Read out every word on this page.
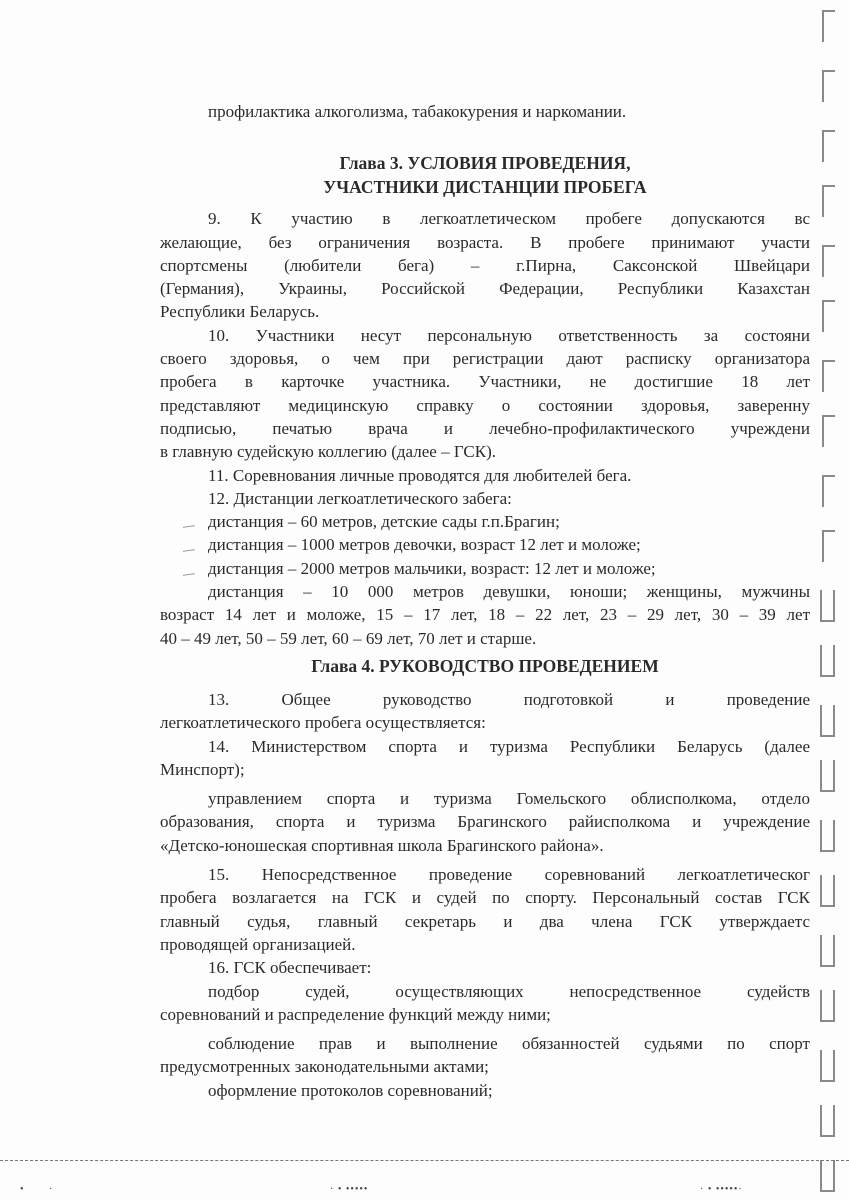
профилактика алкоголизма, табакокурения и наркомании.
Глава 3. УСЛОВИЯ ПРОВЕДЕНИЯ,
УЧАСТНИКИ ДИСТАНЦИИ ПРОБЕГА
9. К участию в легкоатлетическом пробеге допускаются вс
желающие, без ограничения возраста. В пробеге принимают участи
спортсмены (любители бега) – г.Пирна, Саксонской Швейцари
(Германия), Украины, Российской Федерации, Республики Казахстан
Республики Беларусь.
10. Участники несут персональную ответственность за состояни
своего здоровья, о чем при регистрации дают расписку организатора
пробега в карточке участника. Участники, не достигшие 18 лет
представляют медицинскую справку о состоянии здоровья, заверенну
подписью, печатью врача и лечебно-профилактического учреждени
в главную судейскую коллегию (далее – ГСК).
11. Соревнования личные проводятся для любителей бега.
12. Дистанции легкоатлетического забега:
дистанция – 60 метров, детские сады г.п.Брагин;
дистанция – 1000 метров девочки, возраст 12 лет и моложе;
дистанция – 2000 метров мальчики, возраст: 12 лет и моложе;
дистанция – 10 000 метров девушки, юноши; женщины, мужчины
возраст 14 лет и моложе, 15 – 17 лет, 18 – 22 лет, 23 – 29 лет, 30 – 39 лет
40 – 49 лет, 50 – 59 лет, 60 – 69 лет, 70 лет и старше.
Глава 4. РУКОВОДСТВО ПРОВЕДЕНИЕМ
13. Общее руководство подготовкой и проведение
легкоатлетического пробега осуществляется:
14. Министерством спорта и туризма Республики Беларусь (далее
Минспорт);
управлением спорта и туризма Гомельского облисполкома, отдело
образования, спорта и туризма Брагинского райисполкома и учреждение
«Детско-юношеская спортивная школа Брагинского района».
15. Непосредственное проведение соревнований легкоатлетическог
пробега возлагается на ГСК и судей по спорту. Персональный состав ГСК
главный судья, главный секретарь и два члена ГСК утверждаетс
проводящей организацией.
16. ГСК обеспечивает:
подбор судей, осуществляющих непосредственное судейств
соревнований и распределение функций между ними;
соблюдение прав и выполнение обязанностей судьями по спорт
предусмотренных законодательными актами;
оформление протоколов соревнований;
•       ·	· • •••••	· • •••••·
